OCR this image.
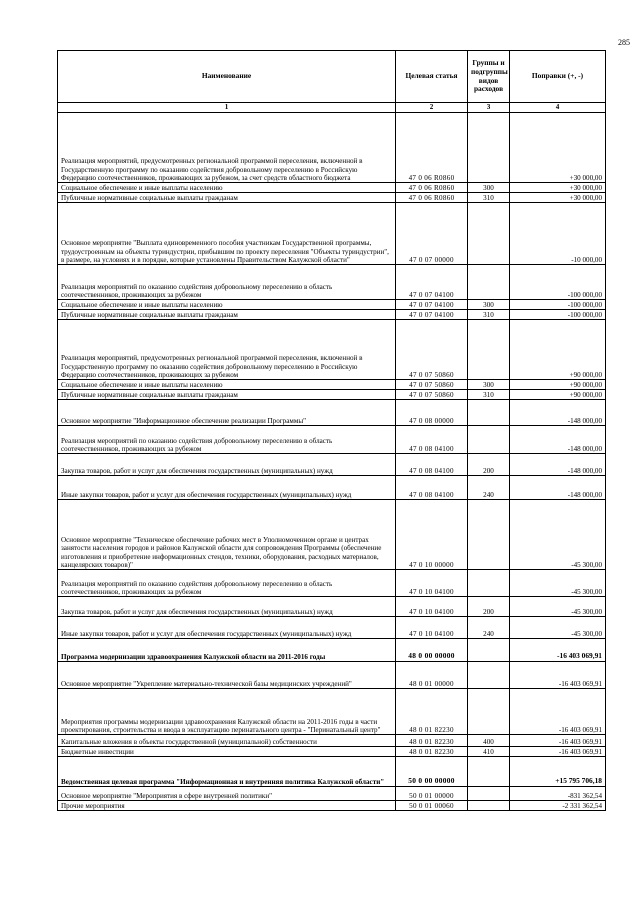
285
Наименование	Целевая статья	Группы и подгруппы видов расходов	Поправки (+, -)
1	2	3	4
Реализация мероприятий, предусмотренных региональной программой переселения, включенной в Государственную программу по оказанию содействия добровольному переселению в Российскую Федерацию соотечественников, проживающих за рубежом, за счет средств областного бюджета	47 0 06 R0860		+30 000,00
Социальное обеспечение и иные выплаты населению	47 0 06 R0860	300	+30 000,00
Публичные нормативные социальные выплаты гражданам	47 0 06 R0860	310	+30 000,00
Основное мероприятие "Выплата единовременного пособия участникам Государственной программы, трудоустроенным на объекты туриндустрии, прибывшим по проекту переселения "Объекты туриндустрии", в размере, на условиях и в порядке, которые установлены Правительством Калужской области"	47 0 07 00000		-10 000,00
Реализация мероприятий по оказанию содействия добровольному переселению в область соотечественников, проживающих за рубежом	47 0 07 04100		-100 000,00
Социальное обеспечение и иные выплаты населению	47 0 07 04100	300	-100 000,00
Публичные нормативные социальные выплаты гражданам	47 0 07 04100	310	-100 000,00
Реализация мероприятий, предусмотренных региональной программой переселения, включенной в Государственную программу по оказанию содействия добровольному переселению в Российскую Федерацию соотечественников, проживающих за рубежом	47 0 07 50860		+90 000,00
Социальное обеспечение и иные выплаты населению	47 0 07 50860	300	+90 000,00
Публичные нормативные социальные выплаты гражданам	47 0 07 50860	310	+90 000,00
Основное мероприятие "Информационное обеспечение реализации Программы"	47 0 08 00000		-148 000,00
Реализация мероприятий по оказанию содействия добровольному переселению в область соотечественников, проживающих за рубежом	47 0 08 04100		-148 000,00
Закупка товаров, работ и услуг для обеспечения государственных (муниципальных) нужд	47 0 08 04100	200	-148 000,00
Иные закупки товаров, работ и услуг для обеспечения государственных (муниципальных) нужд	47 0 08 04100	240	-148 000,00
Основное мероприятие "Техническое обеспечение рабочих мест в Уполномоченном органе и центрах занятости населения городов и районов Калужской области для сопровождения Программы (обеспечение изготовления и приобретение информационных стендов, техники, оборудования, расходных материалов, канцелярских товаров)"	47 0 10 00000		-45 300,00
Реализация мероприятий по оказанию содействия добровольному переселению в область соотечественников, проживающих за рубежом	47 0 10 04100		-45 300,00
Закупка товаров, работ и услуг для обеспечения государственных (муниципальных) нужд	47 0 10 04100	200	-45 300,00
Иные закупки товаров, работ и услуг для обеспечения государственных (муниципальных) нужд	47 0 10 04100	240	-45 300,00
Программа модернизации здравоохранения Калужской области на 2011-2016 годы	48 0 00 00000		-16 403 069,91
Основное мероприятие "Укрепление материально-технической базы медицинских учреждений"	48 0 01 00000		-16 403 069,91
Мероприятия программы модернизации здравоохранения Калужской области на 2011-2016 годы в части проектирования, строительства и ввода в эксплуатацию перинатального центра - "Перинатальный центр"	48 0 01 82230		-16 403 069,91
Капитальные вложения в объекты государственной (муниципальной) собственности	48 0 01 82230	400	-16 403 069,91
Бюджетные инвестиции	48 0 01 82230	410	-16 403 069,91
Ведомственная целевая программа "Информационная и внутренняя политика Калужской области"	50 0 00 00000		+15 795 706,18
Основное мероприятие "Мероприятия в сфере внутренней политики"	50 0 01 00000		-831 362,54
Прочие мероприятия	50 0 01 00060		-2 331 362,54
